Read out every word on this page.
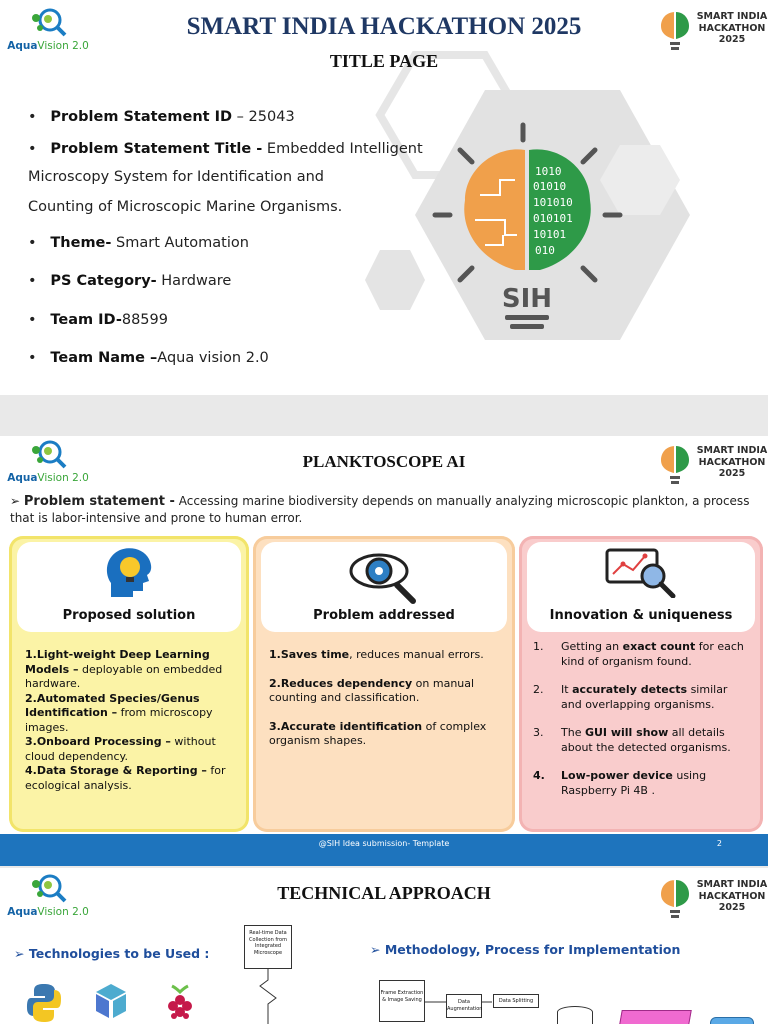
1010
01010
101010
010101
10101
010
SIH
AquaVision 2.0
SMART INDIA
HACKATHON
2025
SMART INDIA HACKATHON 2025
TITLE PAGE
•   Problem Statement ID – 25043
•   Problem Statement Title - Embedded Intelligent
Microscopy System for Identification and
Counting of Microscopic Marine Organisms.
•   Theme- Smart Automation
•   PS Category- Hardware
•   Team ID-88599
•   Team Name –Aqua vision 2.0
AquaVision 2.0
SMART INDIA
HACKATHON
2025
PLANKTOSCOPE AI
➢ Problem statement - Accessing marine biodiversity depends on manually analyzing microscopic plankton, a process that is labor-intensive and prone to human error.
Proposed solution
1.Light-weight Deep Learning Models – deployable on embedded hardware.
2.Automated Species/Genus Identification – from microscopy images.
3.Onboard Processing – without cloud dependency.
4.Data Storage & Reporting – for ecological analysis.
Problem addressed
1.Saves time, reduces manual errors.
2.Reduces dependency on manual counting and classification.
3.Accurate identification of complex organism shapes.
Innovation & uniqueness
1. Getting an exact count for each kind of organism found.
2. It accurately detects similar and overlapping organisms.
3. The GUI will show all details about the detected organisms.
4. Low-power device using Raspberry Pi 4B .
@SIH Idea submission- Template	2
AquaVision 2.0
SMART INDIA
HACKATHON
2025
TECHNICAL APPROACH
➢ Technologies to be Used :
Real-time Data Collection from Integrated Microscope
Frame Extraction & Image Saving	Data Augmentation
Data Splitting
➢ Methodology, Process for Implementation
